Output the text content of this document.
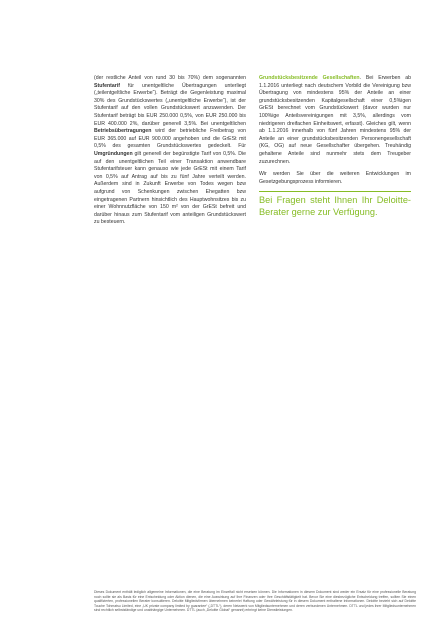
(der restliche Anteil von rund 30 bis 70%) dem sogenannten Stufentarif für unentgeltliche Übertragungen unterliegt („teilentgeltliche Erwerbe“). Beträgt die Gegenleistung maximal 30% des Grundstückswertes („unentgeltliche Erwerbe“), ist der Stufentarif auf den vollen Grundstückswert anzuwenden. Der Stufentarif beträgt bis EUR 250.000 0,5%, von EUR 250.000 bis EUR 400.000 2%, darüber generell 3,5%. Bei unentgeltlichen Betriebsübertragungen wird der betriebliche Freibetrag von EUR 365.000 auf EUR 900.000 angehoben und die GrESt mit 0,5% des gesamten Grundstückswertes gedeckelt. Für Umgründungen gilt generell der begünstigte Tarif von 0,5%. Die auf den unentgeltlichen Teil einer Transaktion anwendbare Stufentarifsteuer kann genauso wie jede GrESt mit einem Tarif von 0,5% auf Antrag auf bis zu fünf Jahre verteilt werden. Außerdem sind in Zukunft Erwerbe von Todes wegen bzw aufgrund von Schenkungen zwischen Ehegatten bzw eingetragenen Partnern hinsichtlich des Hauptwohnsitzes bis zu einer Wohnnutzfläche von 150 m² von der GrESt befreit und darüber hinaus zum Stufentarif vom anteiligen Grundstückswert zu besteuern.

Grundstücksbesitzende Gesellschaften. Bei Erwerben ab 1.1.2016 unterliegt nach deutschem Vorbild die Vereinigung bzw Übertragung von mindestens 95% der Anteile an einer grundstücksbesitzenden Kapitalgesellschaft einer 0,5%igen GrESt berechnet vom Grundstückswert (davor wurden nur 100%ige Anteilsvereinigungen mit 3,5%, allerdings vom niedrigeren dreifachen Einheitswert, erfasst). Gleiches gilt, wenn ab 1.1.2016 innerhalb von fünf Jahren mindestens 95% der Anteile an einer grundstücksbesitzenden Personengesellschaft (KG, OG) auf neue Gesellschafter übergehen. Treuhändig gehaltene Anteile sind nunmehr stets dem Treugeber zuzurechnen.

Wir werden Sie über die weiteren Entwicklungen im Gesetzgebungsprozess informieren.

Bei Fragen steht Ihnen Ihr Deloitte-Berater gerne zur Verfügung.

Dieses Dokument enthält lediglich allgemeine Informationen, die eine Beratung im Einzelfall nicht ersetzen können. Die Informationen in diesem Dokument sind weder ein Ersatz für eine professionelle Beratung noch sollte sie als Basis für eine Entscheidung oder Aktion dienen, die eine Auswirkung auf Ihre Finanzen oder Ihre Geschäftstätigkeit hat. Bevor Sie eine diesbezügliche Entscheidung treffen, sollten Sie einen qualifizierten, professionellen Berater konsultieren. Deloitte Mitgliedsfirmen übernehmen keinerlei Haftung oder Gewährleistung für in diesem Dokument enthaltene Informationen. Deloitte bezieht sich auf Deloitte Touche Tohmatsu Limited, eine „UK private company limited by guarantee“ („DTTL“), deren Netzwerk von Mitgliedsunternehmen und deren verbundenen Unternehmen. DTTL und jedes ihrer Mitgliedsunternehmen sind rechtlich selbstständige und unabhängige Unternehmen. DTTL (auch „Deloitte Global“ genannt) erbringt keine Dienstleistungen.
